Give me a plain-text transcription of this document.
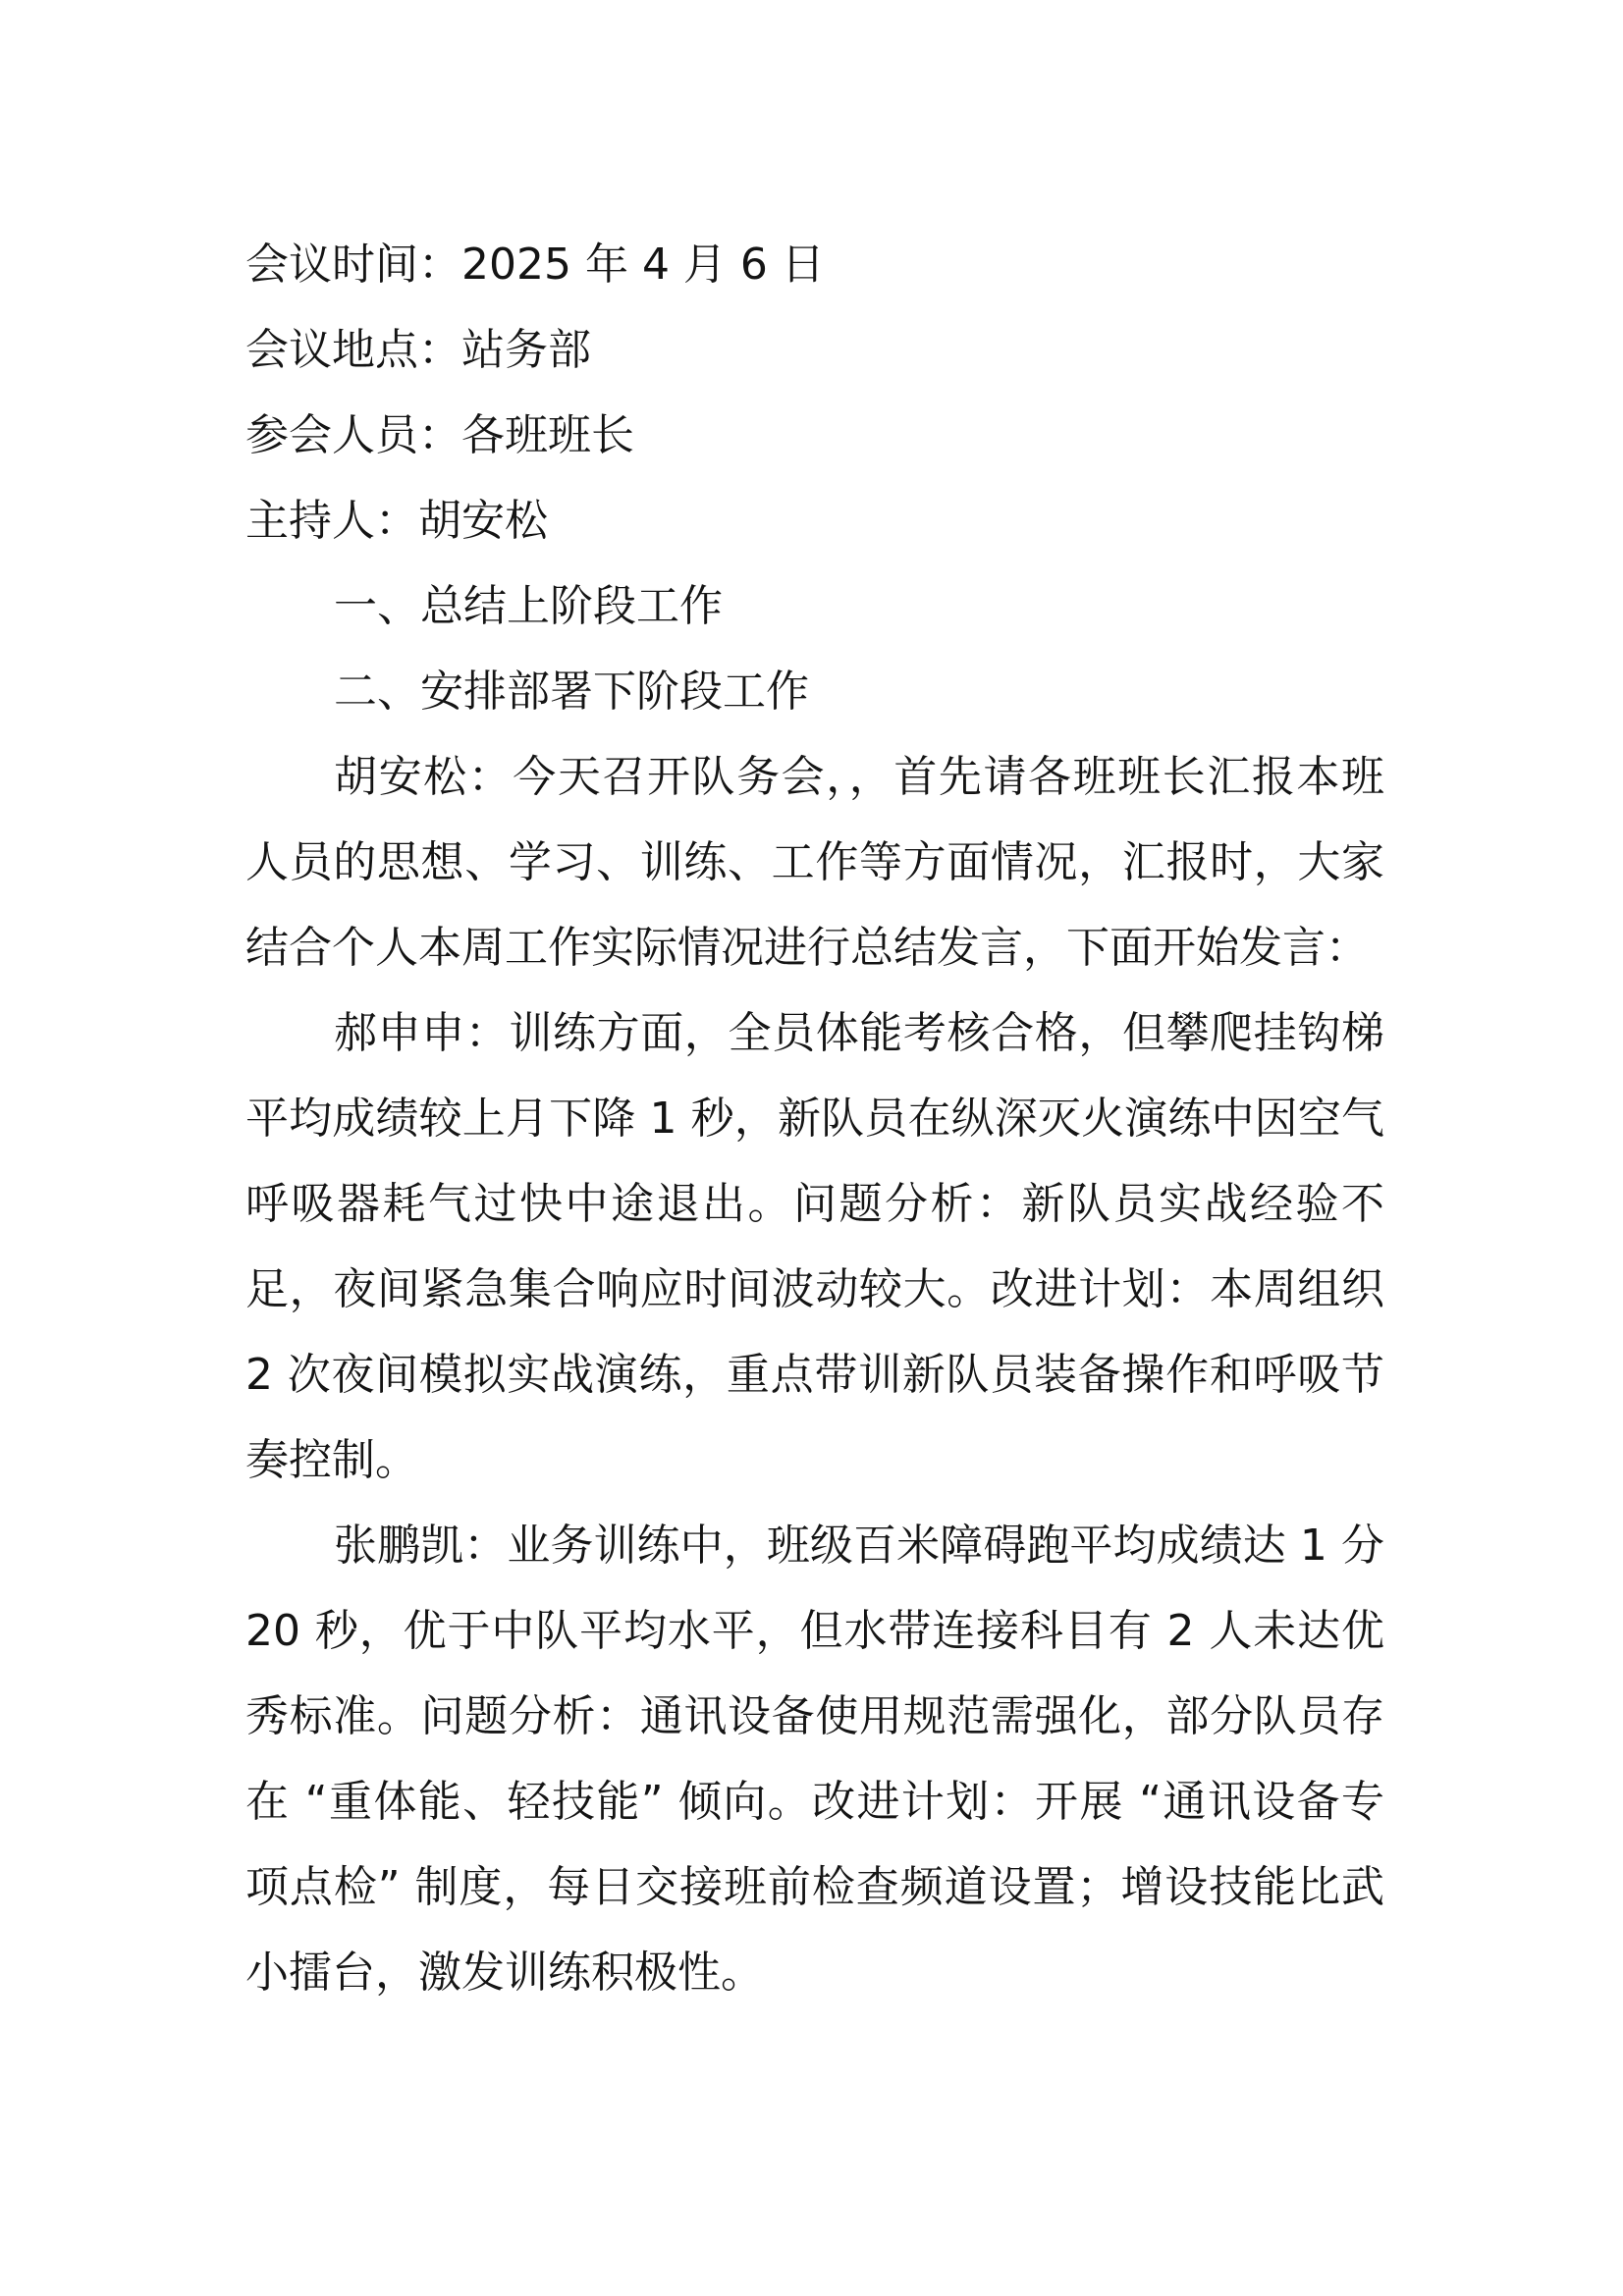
会议时间：2025 年 4 月 6 日

会议地点：站务部

参会人员：各班班长

主持人：胡安松

一、总结上阶段工作

二、安排部署下阶段工作

胡安松：今天召开队务会，，首先请各班班长汇报本班人员的思想、学习、训练、工作等方面情况，汇报时，大家结合个人本周工作实际情况进行总结发言，下面开始发言：

郝申申：训练方面，全员体能考核合格，但攀爬挂钩梯平均成绩较上月下降 1 秒，新队员在纵深灭火演练中因空气呼吸器耗气过快中途退出。问题分析：新队员实战经验不足，夜间紧急集合响应时间波动较大。改进计划：本周组织 2 次夜间模拟实战演练，重点带训新队员装备操作和呼吸节奏控制。

张鹏凯：业务训练中，班级百米障碍跑平均成绩达 1 分 20 秒，优于中队平均水平，但水带连接科目有 2 人未达优秀标准。问题分析：通讯设备使用规范需强化，部分队员存在 “重体能、轻技能” 倾向。改进计划：开展 “通讯设备专项点检” 制度，每日交接班前检查频道设置；增设技能比武小擂台，激发训练积极性。
